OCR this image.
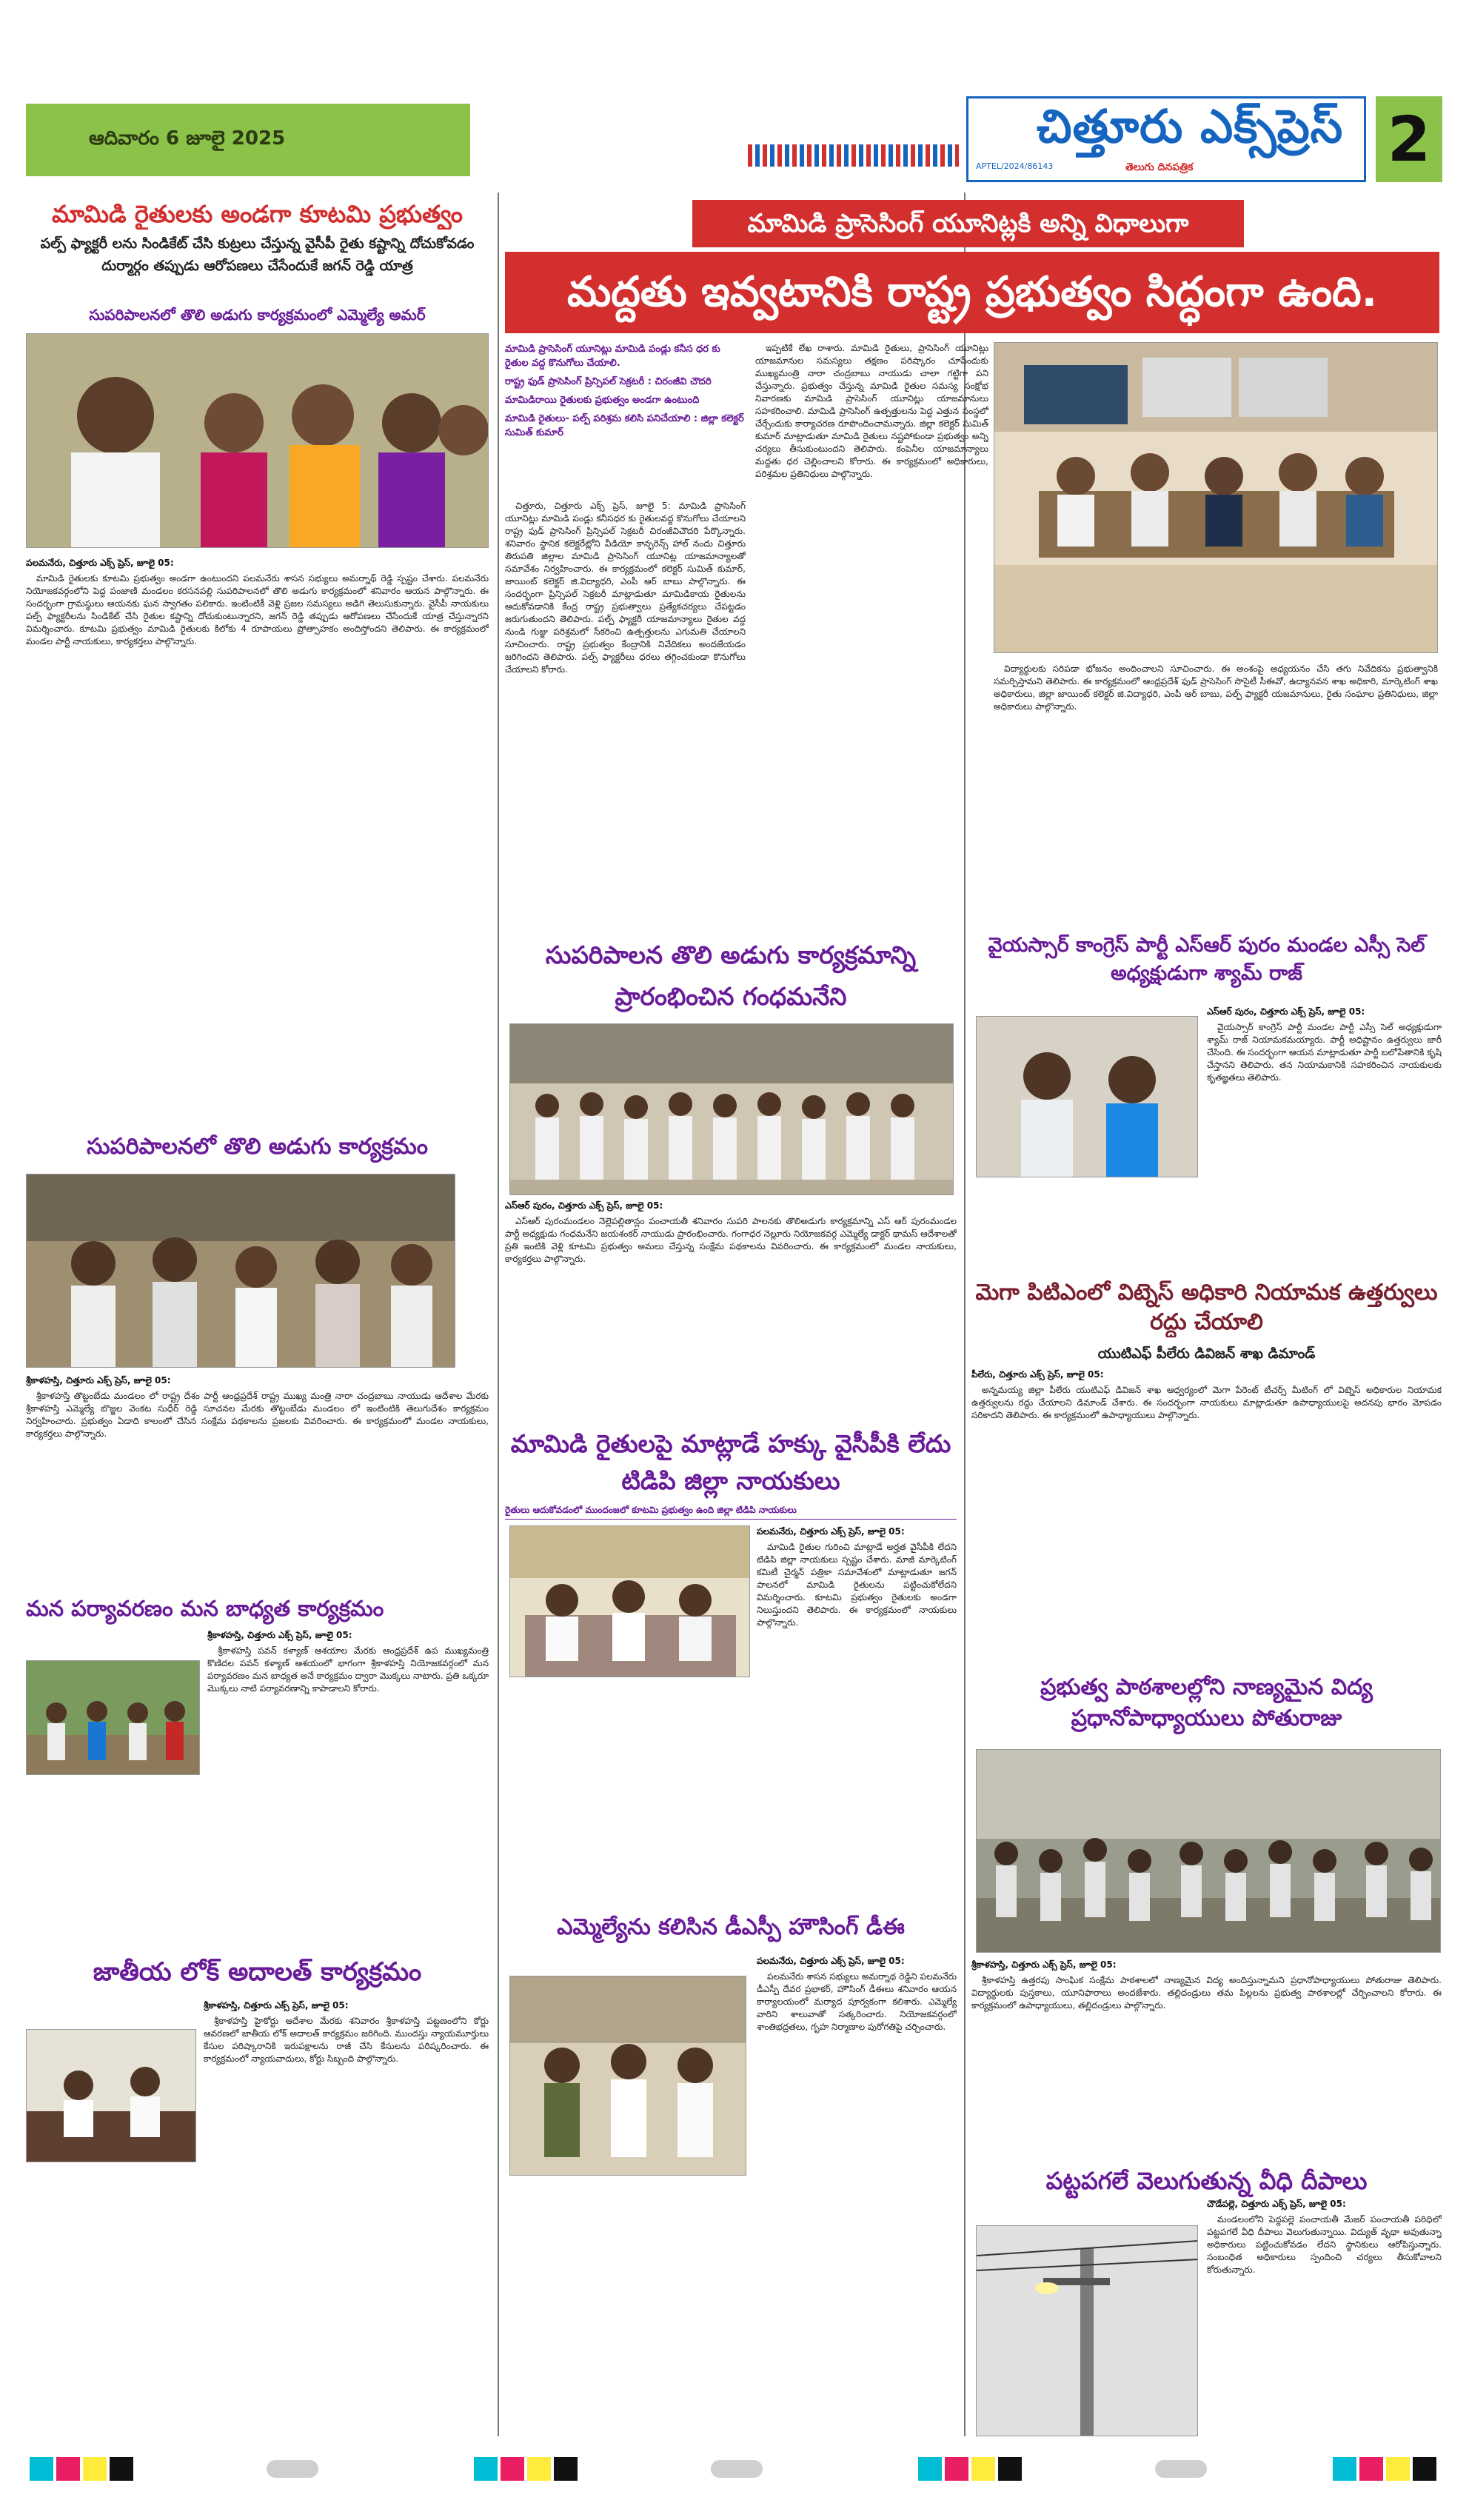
ఆదివారం 6 జూలై 2025
APTEL/2024/86143
చిత్తూరు ఎక్స్‌ప్రెస్
తెలుగు దినపత్రిక	2
మామిడి ప్రాసెసింగ్ యూనిట్లకి అన్ని విధాలుగా
మద్దతు ఇవ్వటానికి రాష్ట్ర ప్రభుత్వం సిద్ధంగా ఉంది.
మామిడి ప్రాసెసింగ్ యూనిట్లు మామిడి పండ్లు కనీస ధర కు రైతుల వద్ద కొనుగోలు చేయాలి.
రాష్ట్ర ఫుడ్ ప్రాసెసింగ్ ప్రిన్సిపల్ సెక్రటరీ : చిరంజీవి చౌదరి
మామిడిరాయి రైతులకు ప్రభుత్వం అండగా ఉంటుంది
మామిడి రైతులు- పల్ప్ పరిశ్రమ కలిసి పనిచేయాలి : జిల్లా కలెక్టర్ సుమిత్ కుమార్

చిత్తూరు, చిత్తూరు ఎక్స్ ప్రెస్, జూలై 5: మామిడి ప్రాసెసింగ్ యూనిట్లు మామిడి పండ్లు కనీసధర కు రైతులవద్ద కొనుగోలు చేయాలని రాష్ట్ర ఫుడ్ ప్రాసెసింగ్ ప్రిన్సిపల్ సెక్రటరీ చిరంజీవిచౌదరి పేర్కొన్నారు. శనివారం స్థానిక కలెక్టరేట్లోని వీడియో కాన్ఫరెన్స్ హాల్ నందు చిత్తూరు తిరుపతి జిల్లాల మామిడి ప్రాసెసింగ్ యూనిట్ల యాజమాన్యాలతో సమావేశం నిర్వహించారు. ఈ కార్యక్రమంలో కలెక్టర్ సుమిత్ కుమార్, జాయింట్ కలెక్టర్ జి.విద్యాధరి, ఎంపీ ఆర్ బాబు పాల్గొన్నారు. ఈ సందర్భంగా ప్రిన్సిపల్ సెక్రటరీ మాట్లాడుతూ మామిడికాయ రైతులను ఆదుకోవడానికి కేంద్ర రాష్ట్ర ప్రభుత్వాలు ప్రత్యేకచర్యలు చేపట్టడం జరుగుతుందని తెలిపారు. పల్ప్ ఫ్యాక్టరీ యాజమాన్యాలు రైతుల వద్ద నుండి గుజ్జు పరిశ్రమలో సేకరించి ఉత్పత్తులను ఎగుమతి చేయాలని సూచించారు. రాష్ట్ర ప్రభుత్వం కేంద్రానికి నివేదికలు అందజేయడం జరిగిందని తెలిపారు. పల్ప్ ఫ్యాక్టరీలు ధరలు తగ్గించకుండా కొనుగోలు చేయాలని కోరారు.

ఇప్పటికే లేఖ రాశారు. మామిడి రైతులు, ప్రాసెసింగ్ యూనిట్లు యాజమానుల సమస్యలు తక్షణం పరిష్కారం చూపేందుకు ముఖ్యమంత్రి నారా చంద్రబాబు నాయుడు చాలా గట్టిగా పని చేస్తున్నారు. ప్రభుత్వం చేస్తున్న మామిడి రైతుల సమస్య సంక్షోభ నివారణకు మామిడి ప్రాసెసింగ్ యూనిట్లు యాజమానులు సహకరించాలి. మామిడి ప్రాసెసింగ్ ఉత్పత్తులను పెద్ద ఎత్తున సంస్థలో చేర్చేందుకు కార్యాచరణ రూపొందించామన్నారు. జిల్లా కలెక్టర్ సుమిత్ కుమార్ మాట్లాడుతూ మామిడి రైతులు నష్టపోకుండా ప్రభుత్వం అన్ని చర్యలు తీసుకుంటుందని తెలిపారు. కంపెనీల యాజమాన్యాలు మద్దతు ధర చెల్లించాలని కోరారు. ఈ కార్యక్రమంలో అధికారులు, పరిశ్రమల ప్రతినిధులు పాల్గొన్నారు.

విద్యార్థులకు సరిపడా భోజనం అందించాలని సూచించారు. ఈ అంశంపై అధ్యయనం చేసి తగు నివేదికను ప్రభుత్వానికి సమర్పిస్తామని తెలిపారు. ఈ కార్యక్రమంలో ఆంధ్రప్రదేశ్ ఫుడ్ ప్రాసెసింగ్ సొసైటీ సీఈవో, ఉద్యానవన శాఖ అధికారి, మార్కెటింగ్ శాఖ అధికారులు, జిల్లా జాయింట్ కలెక్టర్ జి.విద్యాధరి, ఎంపీ ఆర్ బాబు, పల్ప్ ఫ్యాక్టరీ యజమానులు, రైతు సంఘాల ప్రతినిధులు, జిల్లా అధికారులు పాల్గొన్నారు.

మామిడి రైతులకు అండగా కూటమి ప్రభుత్వం
పల్ప్ ఫ్యాక్టరీ లను సిండికేట్ చేసి కుట్రలు చేస్తున్న వైసీపీ రైతు కష్టాన్ని దోచుకోవడం దుర్మార్గం తప్పుడు ఆరోపణలు చేసేందుకే జగన్ రెడ్డి యాత్ర
సుపరిపాలనలో తొలి అడుగు కార్యక్రమంలో ఎమ్మెల్యే అమర్

పలమనేరు, చిత్తూరు ఎక్స్ ప్రెస్, జూలై 05:

మామిడి రైతులకు కూటమి ప్రభుత్వం అండగా ఉంటుందని పలమనేరు శాసన సభ్యులు అమర్నాథ్ రెడ్డి స్పష్టం చేశారు. పలమనేరు నియోజకవర్గంలోని పెద్ద పంజాణి మండలం కరసనపల్లి సుపరిపాలనలో తొలి అడుగు కార్యక్రమంలో శనివారం ఆయన పాల్గొన్నారు. ఈ సందర్భంగా గ్రామస్థులు ఆయనకు ఘన స్వాగతం పలికారు. ఇంటింటికీ వెళ్లి ప్రజల సమస్యలు అడిగి తెలుసుకున్నారు. వైసీపీ నాయకులు పల్ప్ ఫ్యాక్టరీలను సిండికేట్ చేసి రైతుల కష్టాన్ని దోచుకుంటున్నారని, జగన్ రెడ్డి తప్పుడు ఆరోపణలు చేసేందుకే యాత్ర చేస్తున్నారని విమర్శించారు. కూటమి ప్రభుత్వం మామిడి రైతులకు కిలోకు 4 రూపాయలు ప్రోత్సాహకం అందిస్తోందని తెలిపారు. ఈ కార్యక్రమంలో మండల పార్టీ నాయకులు, కార్యకర్తలు పాల్గొన్నారు.

సుపరిపాలనలో తొలి అడుగు కార్యక్రమం

శ్రీకాళహస్తి, చిత్తూరు ఎక్స్ ప్రెస్, జూలై 05:

శ్రీకాళహస్తి తొట్టంబేడు మండలం లో రాష్ట్ర దేశం పార్టీ ఆంధ్రప్రదేశ్ రాష్ట్ర ముఖ్య మంత్రి నారా చంద్రబాబు నాయుడు ఆదేశాల మేరకు శ్రీకాళహస్తి ఎమ్మెల్యే బొజ్జల వెంకట సుధీర్ రెడ్డి సూచనల మేరకు తొట్టంబేడు మండలం లో ఇంటింటికి తెలుగుదేశం కార్యక్రమం నిర్వహించారు. ప్రభుత్వం ఏడాది కాలంలో చేసిన సంక్షేమ పథకాలను ప్రజలకు వివరించారు. ఈ కార్యక్రమంలో మండల నాయకులు, కార్యకర్తలు పాల్గొన్నారు.

మన పర్యావరణం మన బాధ్యత కార్యక్రమం

శ్రీకాళహస్తి, చిత్తూరు ఎక్స్ ప్రెస్, జూలై 05:

శ్రీకాళహస్తి పవన్ కళ్యాణ్ ఆశయాల మేరకు ఆంధ్రప్రదేశ్ ఉప ముఖ్యమంత్రి కొణిదల పవన్ కళ్యాణ్ ఆశయంలో భాగంగా శ్రీకాళహస్తి నియోజకవర్గంలో మన పర్యావరణం మన బాధ్యత అనే కార్యక్రమం ద్వారా మొక్కలు నాటారు. ప్రతి ఒక్కరూ మొక్కలు నాటి పర్యావరణాన్ని కాపాడాలని కోరారు.

జాతీయ లోక్ అదాలత్ కార్యక్రమం

శ్రీకాళహస్తి, చిత్తూరు ఎక్స్ ప్రెస్, జూలై 05:

శ్రీకాళహస్తి హైకోర్టు ఆదేశాల మేరకు శనివారం శ్రీకాళహస్తి పట్టణంలోని కోర్టు ఆవరణలో జాతీయ లోక్ అదాలత్ కార్యక్రమం జరిగింది. ముందస్తు న్యాయమూర్తులు కేసుల పరిష్కారానికి ఇరుపక్షాలను రాజీ చేసి కేసులను పరిష్కరించారు. ఈ కార్యక్రమంలో న్యాయవాదులు, కోర్టు సిబ్బంది పాల్గొన్నారు.

సుపరిపాలన తొలి అడుగు కార్యక్రమాన్ని ప్రారంభించిన గంధమనేని

ఎస్ఆర్ పురం, చిత్తూరు ఎక్స్ ప్రెస్, జూలై 05:

ఎస్ఆర్ పురంమండలం నెల్లెపల్లితాన్లం పంచాయతీ శనివారం సుపరి పాలనకు తొలిఅడుగు కార్యక్రమాన్ని ఎస్ ఆర్ పురంమండల పార్టీ అధ్యక్షుడు గంధమనేని జయశంకర్ నాయుడు ప్రారంభించారు. గంగాధర నెల్లూరు నియోజకవర్గ ఎమ్మెల్యే డాక్టర్ థామస్ ఆదేశాలతో ప్రతి ఇంటికి వెళ్లి కూటమి ప్రభుత్వం అమలు చేస్తున్న సంక్షేమ పథకాలను వివరించారు. ఈ కార్యక్రమంలో మండల నాయకులు, కార్యకర్తలు పాల్గొన్నారు.

మామిడి రైతులపై మాట్లాడే హక్కు వైసీపీకి లేదు టిడిపి జిల్లా నాయకులు
రైతులు ఆదుకోవడంలో ముందంజలో కూటమి ప్రభుత్వం ఉంది జిల్లా టిడిపి నాయకులు

పలమనేరు, చిత్తూరు ఎక్స్ ప్రెస్, జూలై 05:

మామిడి రైతుల గురించి మాట్లాడే అర్హత వైసీపీకి లేదని టిడిపి జిల్లా నాయకులు స్పష్టం చేశారు. మాజీ మార్కెటింగ్ కమిటీ చైర్మన్ పత్రికా సమావేశంలో మాట్లాడుతూ జగన్ పాలనలో మామిడి రైతులను పట్టించుకోలేదని విమర్శించారు. కూటమి ప్రభుత్వం రైతులకు అండగా నిలుస్తుందని తెలిపారు. ఈ కార్యక్రమంలో నాయకులు పాల్గొన్నారు.

ఎమ్మెల్యేను కలిసిన డీఎస్పీ హౌసింగ్ డీఈ

పలమనేరు, చిత్తూరు ఎక్స్ ప్రెస్, జూలై 05:

పలమనేరు శాసన సభ్యులు అమర్నాథ రెడ్డిని పలమనేరు డీఎస్పీ దేవర ప్రభాకర్, హౌసింగ్ డీఈలు శనివారం ఆయన కార్యాలయంలో మర్యాద పూర్వకంగా కలిశారు. ఎమ్మెల్యే వారిని శాలువాతో సత్కరించారు. నియోజకవర్గంలో శాంతిభద్రతలు, గృహ నిర్మాణాల పురోగతిపై చర్చించారు.

వైయస్సార్ కాంగ్రెస్ పార్టీ ఎస్ఆర్ పురం మండల ఎస్సీ సెల్ అధ్యక్షుడుగా శ్యామ్ రాజ్

ఎస్ఆర్ పురం, చిత్తూరు ఎక్స్ ప్రెస్, జూలై 05:

వైయస్సార్ కాంగ్రెస్ పార్టీ మండల పార్టీ ఎస్సీ సెల్ అధ్యక్షుడుగా శ్యామ్ రాజ్ నియామకమయ్యారు. పార్టీ అధిష్టానం ఉత్తర్వులు జారీ చేసింది. ఈ సందర్భంగా ఆయన మాట్లాడుతూ పార్టీ బలోపేతానికి కృషి చేస్తానని తెలిపారు. తన నియామకానికి సహకరించిన నాయకులకు కృతజ్ఞతలు తెలిపారు.

మెగా పిటిఎంలో విట్నెస్ అధికారి నియామక ఉత్తర్వులు రద్దు చేయాలి
యుటిఎఫ్ పీలేరు డివిజన్ శాఖ డిమాండ్

పీలేరు, చిత్తూరు ఎక్స్ ప్రెస్, జూలై 05:

అన్నమయ్య జిల్లా పీలేరు యుటిఎఫ్ డివిజన్ శాఖ ఆధ్వర్యంలో మెగా పేరెంట్ టీచర్స్ మీటింగ్ లో విట్నెస్ అధికారుల నియామక ఉత్తర్వులను రద్దు చేయాలని డిమాండ్ చేశారు. ఈ సందర్భంగా నాయకులు మాట్లాడుతూ ఉపాధ్యాయులపై అదనపు భారం మోపడం సరికాదని తెలిపారు. ఈ కార్యక్రమంలో ఉపాధ్యాయులు పాల్గొన్నారు.

ప్రభుత్వ పాఠశాలల్లోని నాణ్యమైన విద్య ప్రధానోపాధ్యాయులు పోతురాజు

శ్రీకాళహస్తి, చిత్తూరు ఎక్స్ ప్రెస్, జూలై 05:

శ్రీకాళహస్తి ఉత్తరపు సాంఘిక సంక్షేమ పాఠశాలలో నాణ్యమైన విద్య అందిస్తున్నామని ప్రధానోపాధ్యాయులు పోతురాజు తెలిపారు. విద్యార్థులకు పుస్తకాలు, యూనిఫారాలు అందజేశారు. తల్లిదండ్రులు తమ పిల్లలను ప్రభుత్వ పాఠశాలల్లో చేర్పించాలని కోరారు. ఈ కార్యక్రమంలో ఉపాధ్యాయులు, తల్లిదండ్రులు పాల్గొన్నారు.

పట్టపగలే వెలుగుతున్న వీధి దీపాలు

చౌడేపల్లె, చిత్తూరు ఎక్స్ ప్రెస్, జూలై 05:

మండలంలోని పెద్దపల్లె పంచాయతీ మేజర్ పంచాయతీ పరిధిలో పట్టపగలే వీధి దీపాలు వెలుగుతున్నాయి. విద్యుత్ వృథా అవుతున్నా అధికారులు పట్టించుకోవడం లేదని స్థానికులు ఆరోపిస్తున్నారు. సంబంధిత అధికారులు స్పందించి చర్యలు తీసుకోవాలని కోరుతున్నారు.
